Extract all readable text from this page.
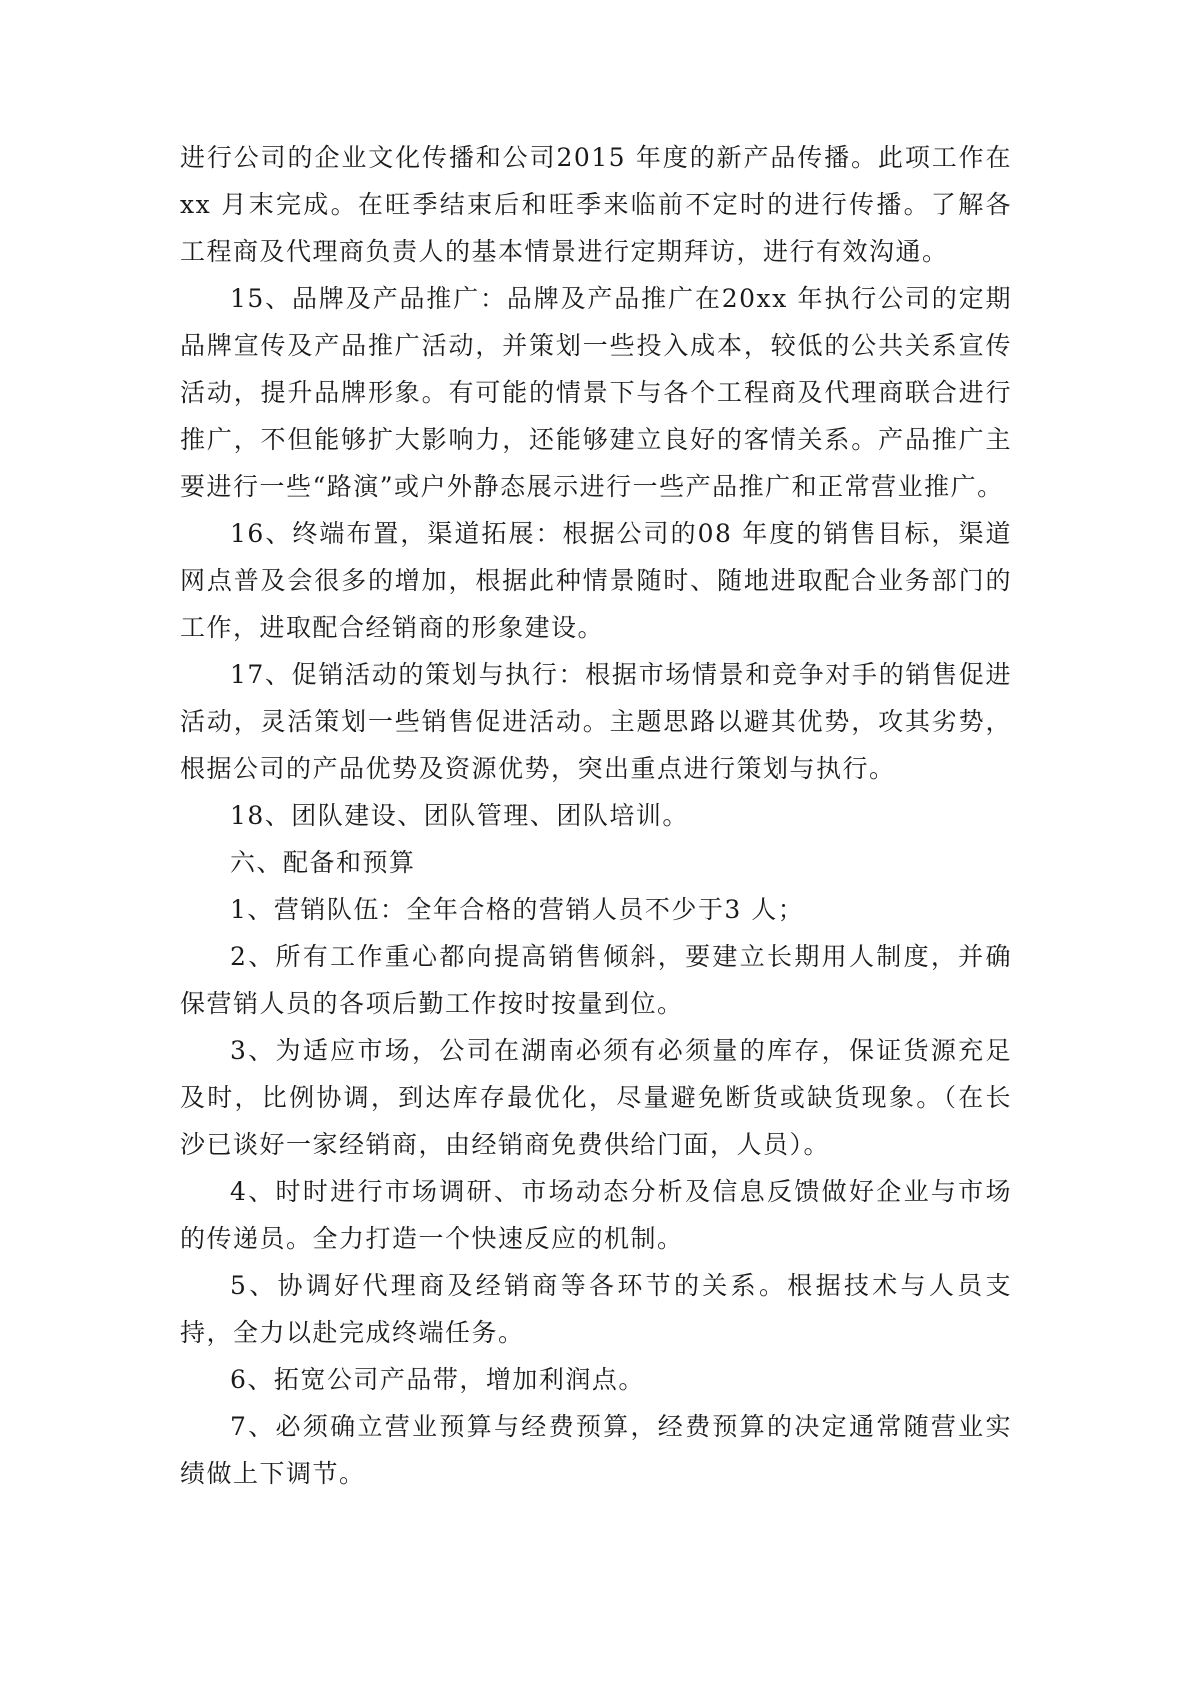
进行公司的企业文化传播和公司2015 年度的新产品传播。此项工作在xx 月末完成。在旺季结束后和旺季来临前不定时的进行传播。了解各工程商及代理商负责人的基本情景进行定期拜访，进行有效沟通。

15、品牌及产品推广：品牌及产品推广在20xx 年执行公司的定期品牌宣传及产品推广活动，并策划一些投入成本，较低的公共关系宣传活动，提升品牌形象。有可能的情景下与各个工程商及代理商联合进行推广，不但能够扩大影响力，还能够建立良好的客情关系。产品推广主要进行一些“路演”或户外静态展示进行一些产品推广和正常营业推广。

16、终端布置，渠道拓展：根据公司的08 年度的销售目标，渠道网点普及会很多的增加，根据此种情景随时、随地进取配合业务部门的工作，进取配合经销商的形象建设。

17、促销活动的策划与执行：根据市场情景和竞争对手的销售促进活动，灵活策划一些销售促进活动。主题思路以避其优势，攻其劣势，根据公司的产品优势及资源优势，突出重点进行策划与执行。

18、团队建设、团队管理、团队培训。

六、配备和预算

1、营销队伍：全年合格的营销人员不少于3 人；

2、所有工作重心都向提高销售倾斜，要建立长期用人制度，并确保营销人员的各项后勤工作按时按量到位。

3、为适应市场，公司在湖南必须有必须量的库存，保证货源充足及时，比例协调，到达库存最优化，尽量避免断货或缺货现象。（在长沙已谈好一家经销商，由经销商免费供给门面，人员）。

4、时时进行市场调研、市场动态分析及信息反馈做好企业与市场的传递员。全力打造一个快速反应的机制。

5、协调好代理商及经销商等各环节的关系。根据技术与人员支持，全力以赴完成终端任务。

6、拓宽公司产品带，增加利润点。

7、必须确立营业预算与经费预算，经费预算的决定通常随营业实绩做上下调节。
